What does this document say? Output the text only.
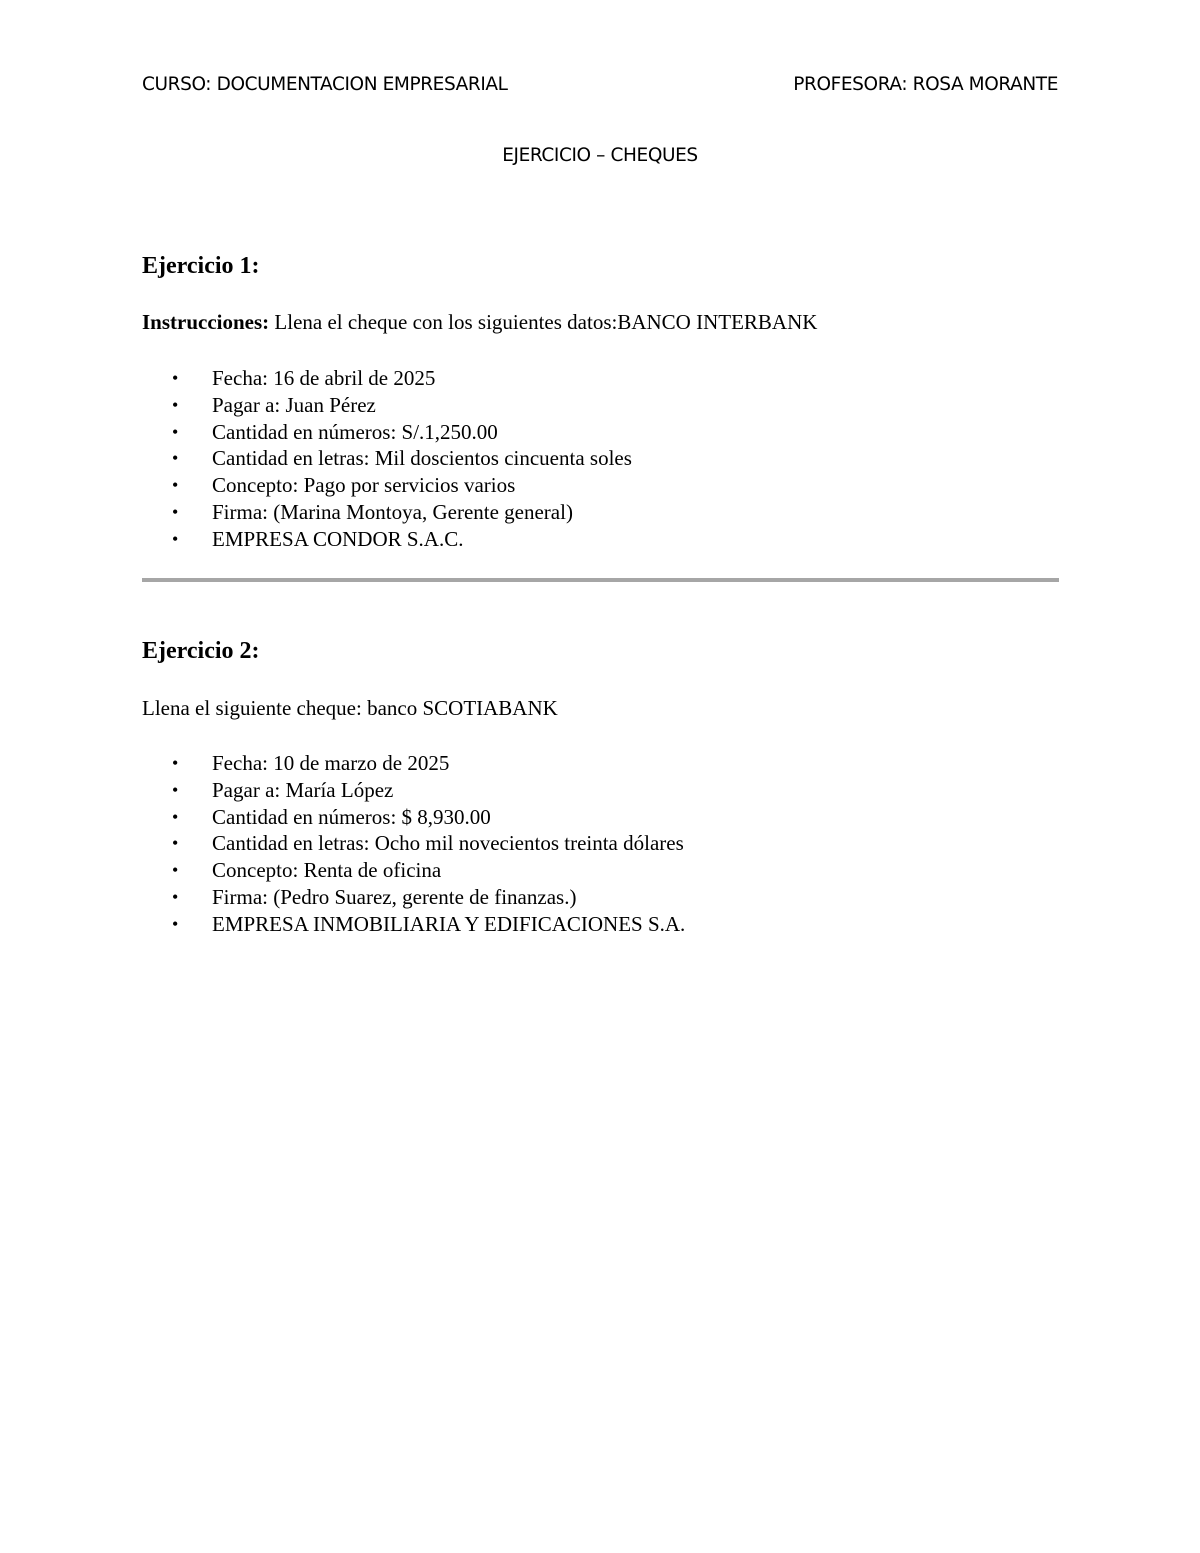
CURSO: DOCUMENTACION EMPRESARIAL	PROFESORA: ROSA MORANTE
EJERCICIO – CHEQUES
Ejercicio 1:
Instrucciones: Llena el cheque con los siguientes datos:BANCO INTERBANK
• Fecha: 16 de abril de 2025
• Pagar a: Juan Pérez
• Cantidad en números: S/.1,250.00
• Cantidad en letras: Mil doscientos cincuenta soles
• Concepto: Pago por servicios varios
• Firma: (Marina Montoya, Gerente general)
• EMPRESA CONDOR S.A.C.
Ejercicio 2:
Llena el siguiente cheque: banco SCOTIABANK
• Fecha: 10 de marzo de 2025
• Pagar a: María López
• Cantidad en números: $ 8,930.00
• Cantidad en letras: Ocho mil novecientos treinta dólares
• Concepto: Renta de oficina
• Firma: (Pedro Suarez, gerente de finanzas.)
• EMPRESA INMOBILIARIA Y EDIFICACIONES S.A.
